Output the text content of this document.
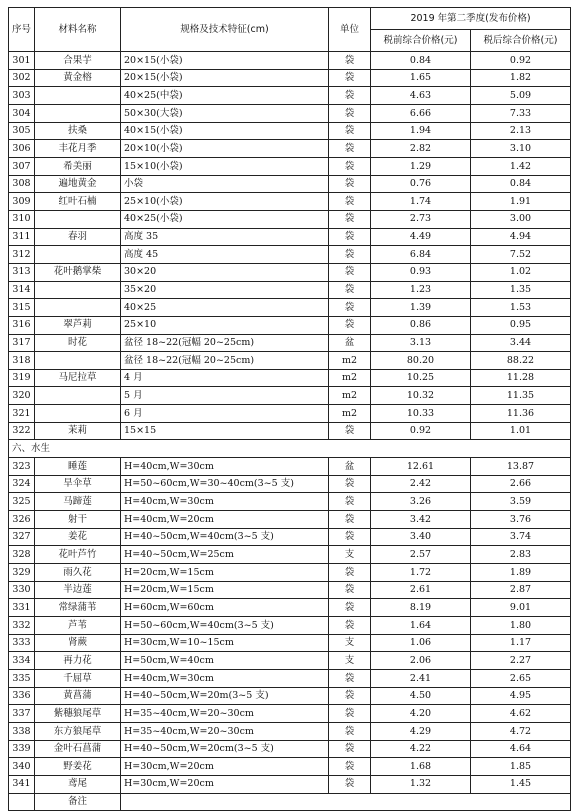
序号	材料名称	规格及技术特征(cm)	单位	2019 年第二季度(发布价格)	
				税前综合价格(元)	税后综合价格(元)
301	合果芋	20×15(小袋)	袋	0.84	0.92
302	黄金榕	20×15(小袋)	袋	1.65	1.82
303		40×25(中袋)	袋	4.63	5.09
304		50×30(大袋)	袋	6.66	7.33
305	扶桑	40×15(小袋)	袋	1.94	2.13
306	丰花月季	20×10(小袋)	袋	2.82	3.10
307	希美丽	15×10(小袋)	袋	1.29	1.42
308	遍地黄金	小袋	袋	0.76	0.84
309	红叶石楠	25×10(小袋)	袋	1.74	1.91
310		40×25(小袋)	袋	2.73	3.00
311	春羽	高度 35	袋	4.49	4.94
312		高度 45	袋	6.84	7.52
313	花叶鹅掌柴	30×20	袋	0.93	1.02
314		35×20	袋	1.23	1.35
315		40×25	袋	1.39	1.53
316	翠芦莉	25×10	袋	0.86	0.95
317	时花	盆径 18~22(冠幅 20~25cm)	盆	3.13	3.44
318		盆径 18~22(冠幅 20~25cm)	m2	80.20	88.22
319	马尼拉草	4 月	m2	10.25	11.28
320		5 月	m2	10.32	11.35
321		6 月	m2	10.33	11.36
322	茉莉	15×15	袋	0.92	1.01
六、水生					
323	睡莲	H=40cm,W=30cm	盆	12.61	13.87
324	旱伞草	H=50~60cm,W=30~40cm(3~5 支)	袋	2.42	2.66
325	马蹄莲	H=40cm,W=30cm	袋	3.26	3.59
326	射干	H=40cm,W=20cm	袋	3.42	3.76
327	姜花	H=40~50cm,W=40cm(3~5 支)	袋	3.40	3.74
328	花叶芦竹	H=40~50cm,W=25cm	支	2.57	2.83
329	雨久花	H=20cm,W=15cm	袋	1.72	1.89
330	半边莲	H=20cm,W=15cm	袋	2.61	2.87
331	常绿蒲苇	H=60cm,W=60cm	袋	8.19	9.01
332	芦苇	H=50~60cm,W=40cm(3~5 支)	袋	1.64	1.80
333	肾蕨	H=30cm,W=10~15cm	支	1.06	1.17
334	再力花	H=50cm,W=40cm	支	2.06	2.27
335	千屈草	H=40cm,W=30cm	袋	2.41	2.65
336	黄菖蒲	H=40~50cm,W=20m(3~5 支)	袋	4.50	4.95
337	紫穗狼尾草	H=35~40cm,W=20~30cm	袋	4.20	4.62
338	东方狼尾草	H=35~40cm,W=20~30cm	袋	4.29	4.72
339	金叶石菖蒲	H=40~50cm,W=20cm(3~5 支)	袋	4.22	4.64
340	野姜花	H=30cm,W=20cm	袋	1.68	1.85
341	鸢尾	H=30cm,W=20cm	袋	1.32	1.45
	备注				
